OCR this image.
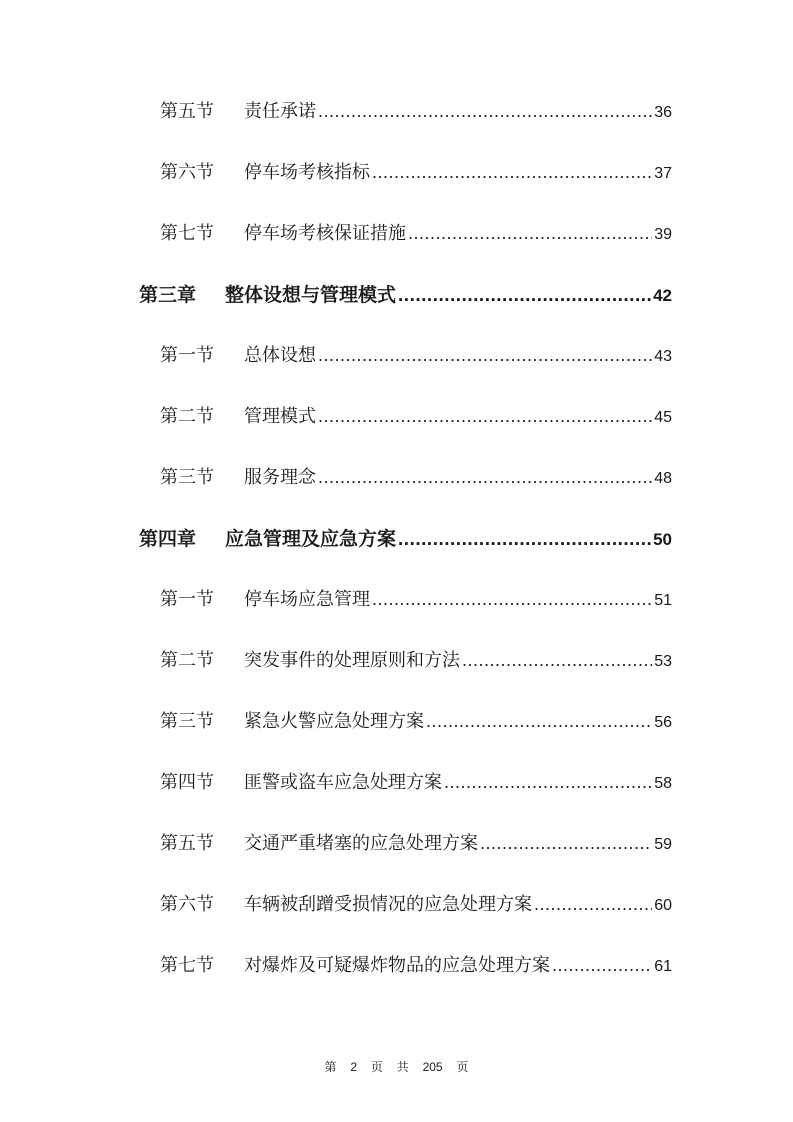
第五节	责任承诺 .....	36
第六节	停车场考核指标 .....	37
第七节	停车场考核保证措施 .....	39
第三章	整体设想与管理模式 .....	42
第一节	总体设想 .....	43
第二节	管理模式 .....	45
第三节	服务理念 .....	48
第四章	应急管理及应急方案 .....	50
第一节	停车场应急管理 .....	51
第二节	突发事件的处理原则和方法 .....	53
第三节	紧急火警应急处理方案 .....	56
第四节	匪警或盗车应急处理方案 .....	58
第五节	交通严重堵塞的应急处理方案 .....	59
第六节	车辆被刮蹭受损情况的应急处理方案 .....	60
第七节	对爆炸及可疑爆炸物品的应急处理方案 .....	61
第 2 页 共 205 页
